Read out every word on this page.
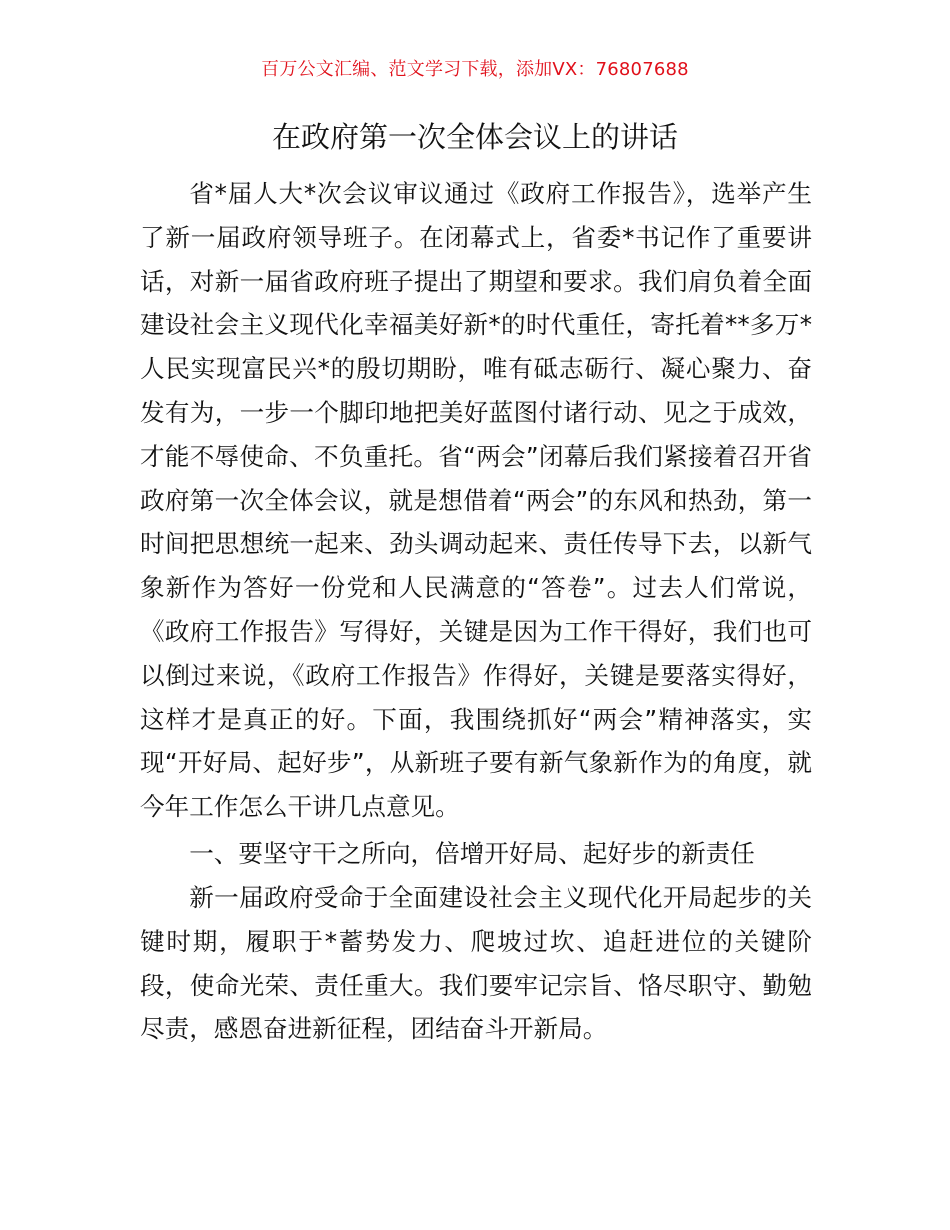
百万公文汇编、范文学习下载，添加VX：76807688
在政府第一次全体会议上的讲话

省*届人大*次会议审议通过《政府工作报告》，选举产生了新一届政府领导班子。在闭幕式上，省委*书记作了重要讲话，对新一届省政府班子提出了期望和要求。我们肩负着全面建设社会主义现代化幸福美好新*的时代重任，寄托着**多万*人民实现富民兴*的殷切期盼，唯有砥志砺行、凝心聚力、奋发有为，一步一个脚印地把美好蓝图付诸行动、见之于成效，才能不辱使命、不负重托。省“两会”闭幕后我们紧接着召开省政府第一次全体会议，就是想借着“两会”的东风和热劲，第一时间把思想统一起来、劲头调动起来、责任传导下去，以新气象新作为答好一份党和人民满意的“答卷”。过去人们常说，《政府工作报告》写得好，关键是因为工作干得好，我们也可以倒过来说，《政府工作报告》作得好，关键是要落实得好，这样才是真正的好。下面，我围绕抓好“两会”精神落实，实现“开好局、起好步”，从新班子要有新气象新作为的角度，就今年工作怎么干讲几点意见。

一、要坚守干之所向，倍增开好局、起好步的新责任

新一届政府受命于全面建设社会主义现代化开局起步的关键时期，履职于*蓄势发力、爬坡过坎、追赶进位的关键阶段，使命光荣、责任重大。我们要牢记宗旨、恪尽职守、勤勉尽责，感恩奋进新征程，团结奋斗开新局。
